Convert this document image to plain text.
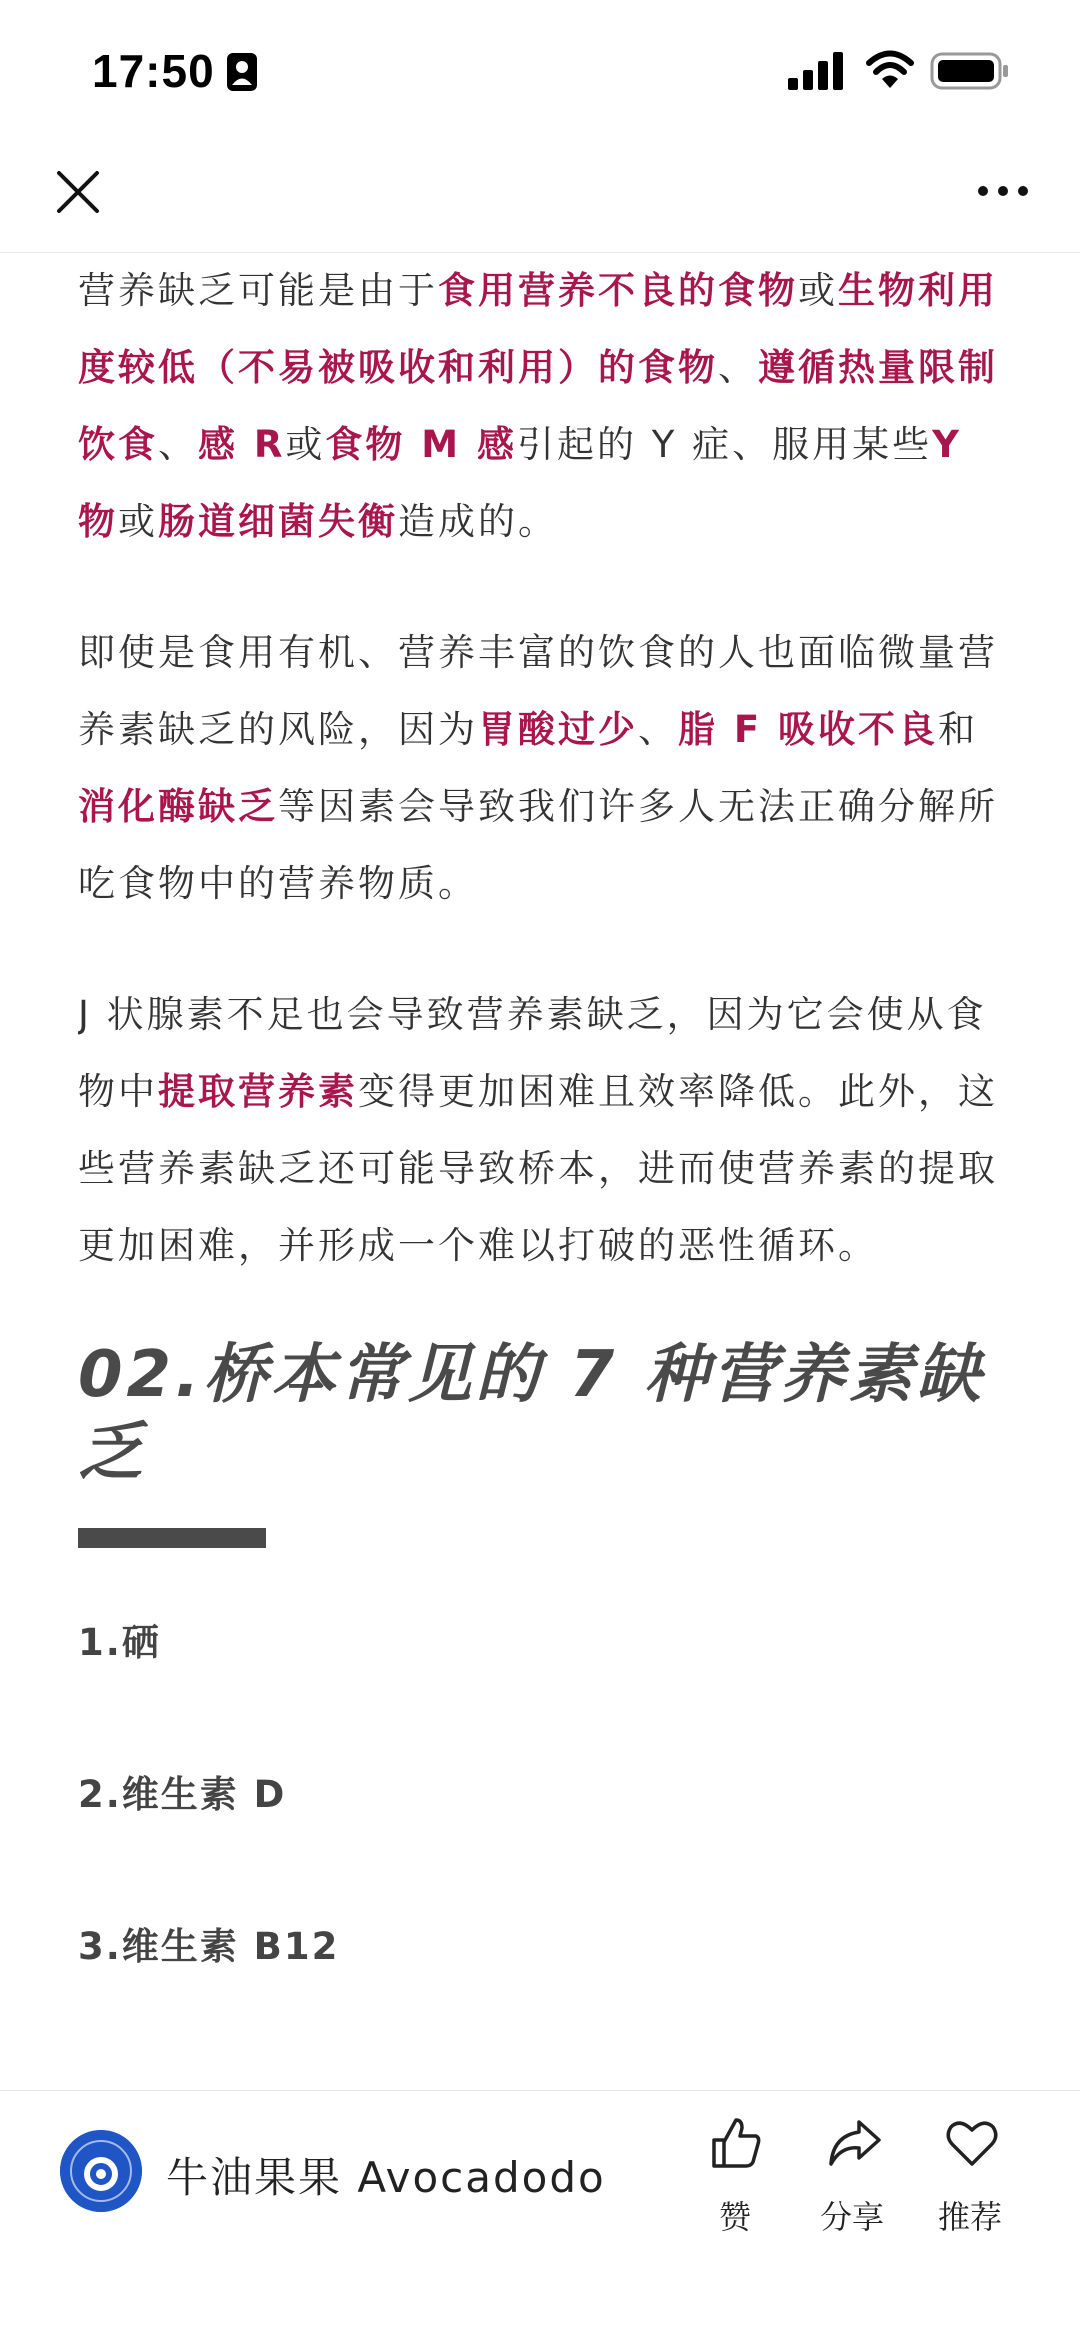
17:50

营养缺乏可能是由于食用营养不良的食物或生物利用度较低（不易被吸收和利用）的食物、遵循热量限制饮食、感 R或食物 M 感引起的 Y 症、服用某些Y 物或肠道细菌失衡造成的。

即使是食用有机、营养丰富的饮食的人也面临微量营养素缺乏的风险，因为胃酸过少、脂 F 吸收不良和消化酶缺乏等因素会导致我们许多人无法正确分解所吃食物中的营养物质。

J 状腺素不足也会导致营养素缺乏，因为它会使从食物中提取营养素变得更加困难且效率降低。此外，这些营养素缺乏还可能导致桥本，进而使营养素的提取更加困难，并形成一个难以打破的恶性循环。

02.桥本常见的 7 种营养素缺乏

1.硒

2.维生素 D

3.维生素 B12

牛油果果 Avocadodo
赞	分享	推荐
